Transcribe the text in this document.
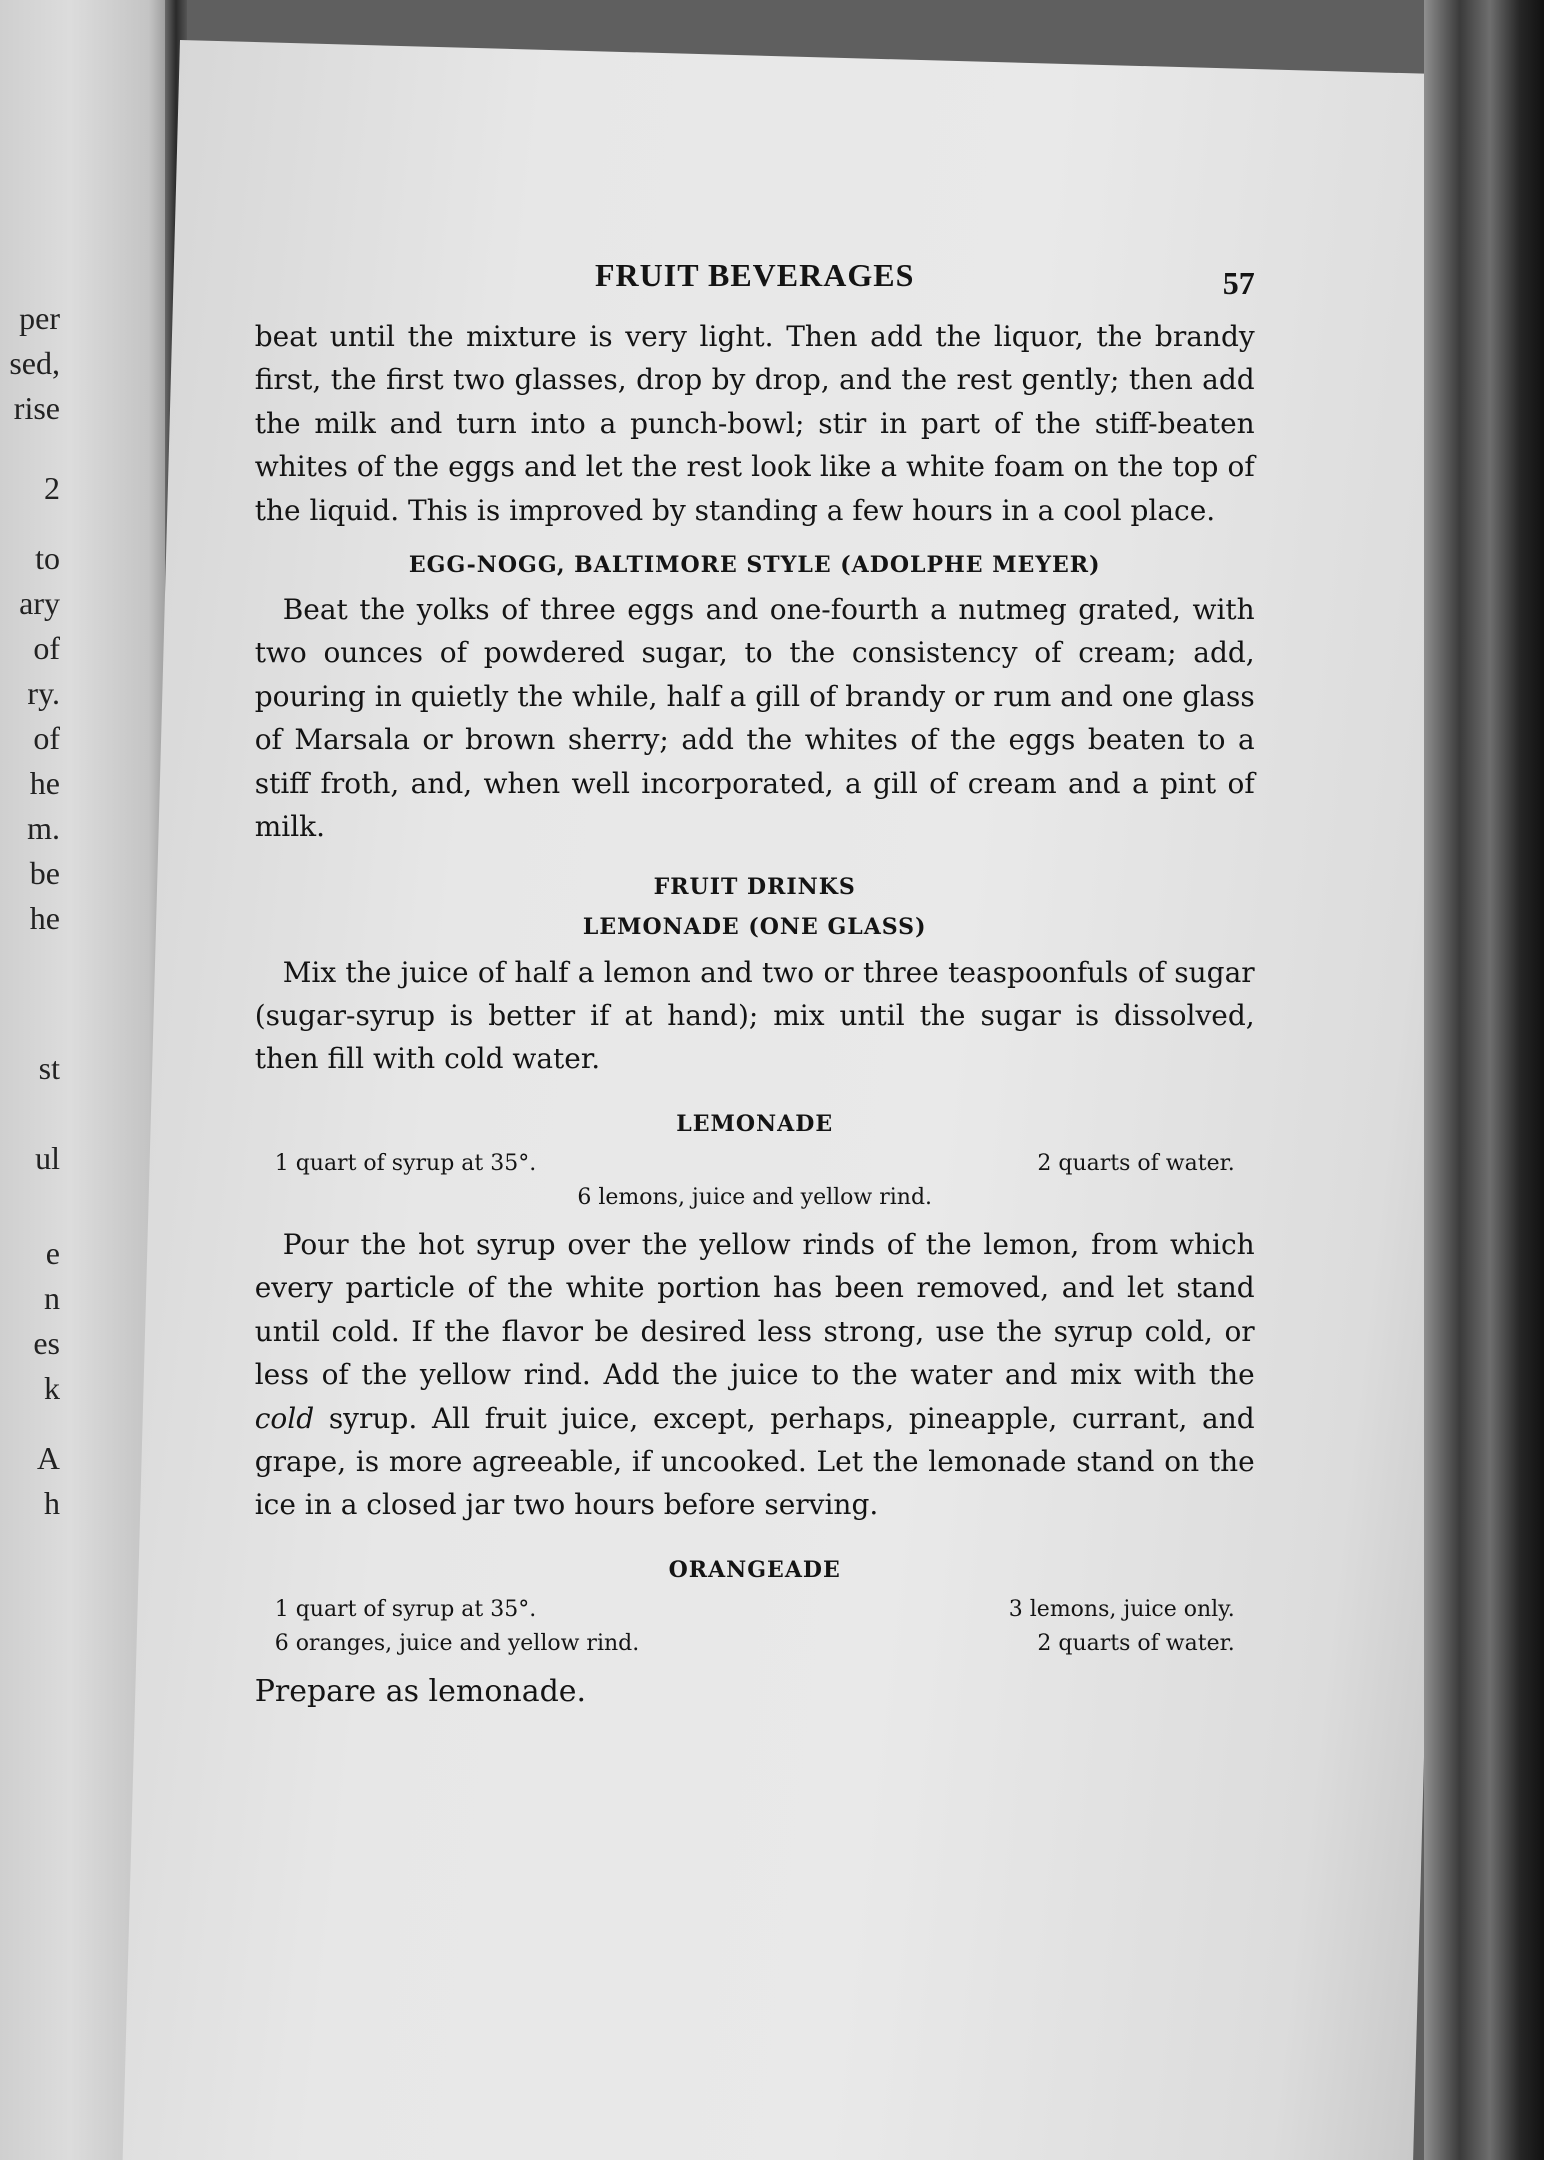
per
sed,
rise
2
to
ary
of
ry.
of
he
m.
be
he
st
ul
e
n
es
k
A
h
FRUIT BEVERAGES	57

beat until the mixture is very light. Then add the liquor, the brandy first, the first two glasses, drop by drop, and the rest gently; then add the milk and turn into a punch-bowl; stir in part of the stiff-beaten whites of the eggs and let the rest look like a white foam on the top of the liquid. This is improved by standing a few hours in a cool place.

EGG-NOGG, BALTIMORE STYLE (ADOLPHE MEYER)

Beat the yolks of three eggs and one-fourth a nutmeg grated, with two ounces of powdered sugar, to the consistency of cream; add, pouring in quietly the while, half a gill of brandy or rum and one glass of Marsala or brown sherry; add the whites of the eggs beaten to a stiff froth, and, when well incorporated, a gill of cream and a pint of milk.

FRUIT DRINKS
LEMONADE (ONE GLASS)

Mix the juice of half a lemon and two or three teaspoonfuls of sugar (sugar-syrup is better if at hand); mix until the sugar is dissolved, then fill with cold water.

LEMONADE
1 quart of syrup at 35°.	2 quarts of water.
6 lemons, juice and yellow rind.

Pour the hot syrup over the yellow rinds of the lemon, from which every particle of the white portion has been removed, and let stand until cold. If the flavor be desired less strong, use the syrup cold, or less of the yellow rind. Add the juice to the water and mix with the cold syrup. All fruit juice, except, perhaps, pineapple, currant, and grape, is more agreeable, if uncooked. Let the lemonade stand on the ice in a closed jar two hours before serving.

ORANGEADE
1 quart of syrup at 35°.	3 lemons, juice only.
6 oranges, juice and yellow rind.	2 quarts of water.

Prepare as lemonade.
